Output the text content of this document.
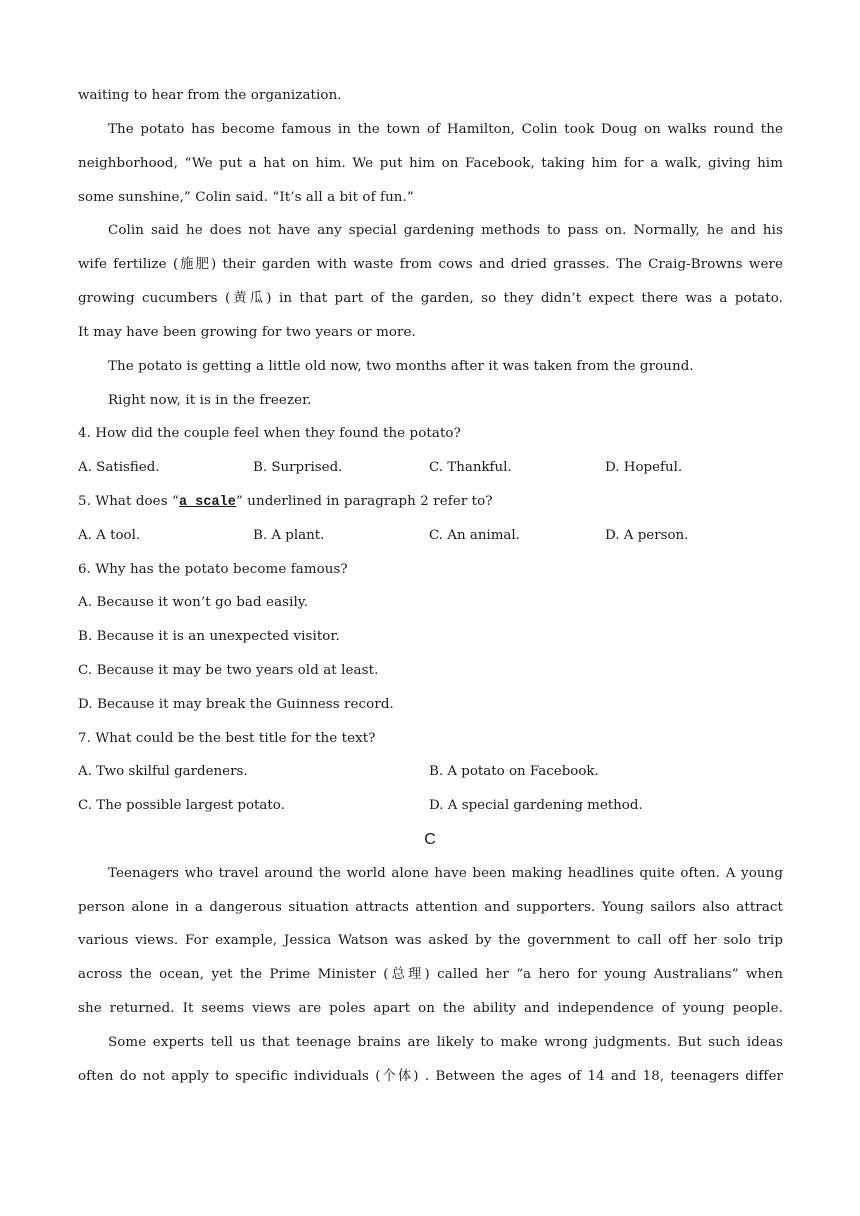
waiting to hear from the organization.
The potato has become famous in the town of Hamilton, Colin took Doug on walks round the
neighborhood, “We put a hat on him. We put him on Facebook, taking him for a walk, giving him
some sunshine,” Colin said. “It’s all a bit of fun.”
Colin said he does not have any special gardening methods to pass on. Normally, he and his
wife fertilize (施肥) their garden with waste from cows and dried grasses. The Craig-Browns were
growing cucumbers (黄瓜) in that part of the garden, so they didn’t expect there was a potato.
It may have been growing for two years or more.
The potato is getting a little old now, two months after it was taken from the ground.
Right now, it is in the freezer.
4. How did the couple feel when they found the potato?
A. Satisfied.	B. Surprised.	C. Thankful.	D. Hopeful.
5. What does “a scale” underlined in paragraph 2 refer to?
A. A tool.	B. A plant.	C. An animal.	D. A person.
6. Why has the potato become famous?
A. Because it won’t go bad easily.
B. Because it is an unexpected visitor.
C. Because it may be two years old at least.
D. Because it may break the Guinness record.
7. What could be the best title for the text?
A. Two skilful gardeners.	B. A potato on Facebook.
C. The possible largest potato.	D. A special gardening method.
C
Teenagers who travel around the world alone have been making headlines quite often. A young
person alone in a dangerous situation attracts attention and supporters. Young sailors also attract
various views. For example, Jessica Watson was asked by the government to call off her solo trip
across the ocean, yet the Prime Minister (总理) called her “a hero for young Australians” when
she returned. It seems views are poles apart on the ability and independence of young people.
Some experts tell us that teenage brains are likely to make wrong judgments. But such ideas
often do not apply to specific individuals (个体) . Between the ages of 14 and 18, teenagers differ
